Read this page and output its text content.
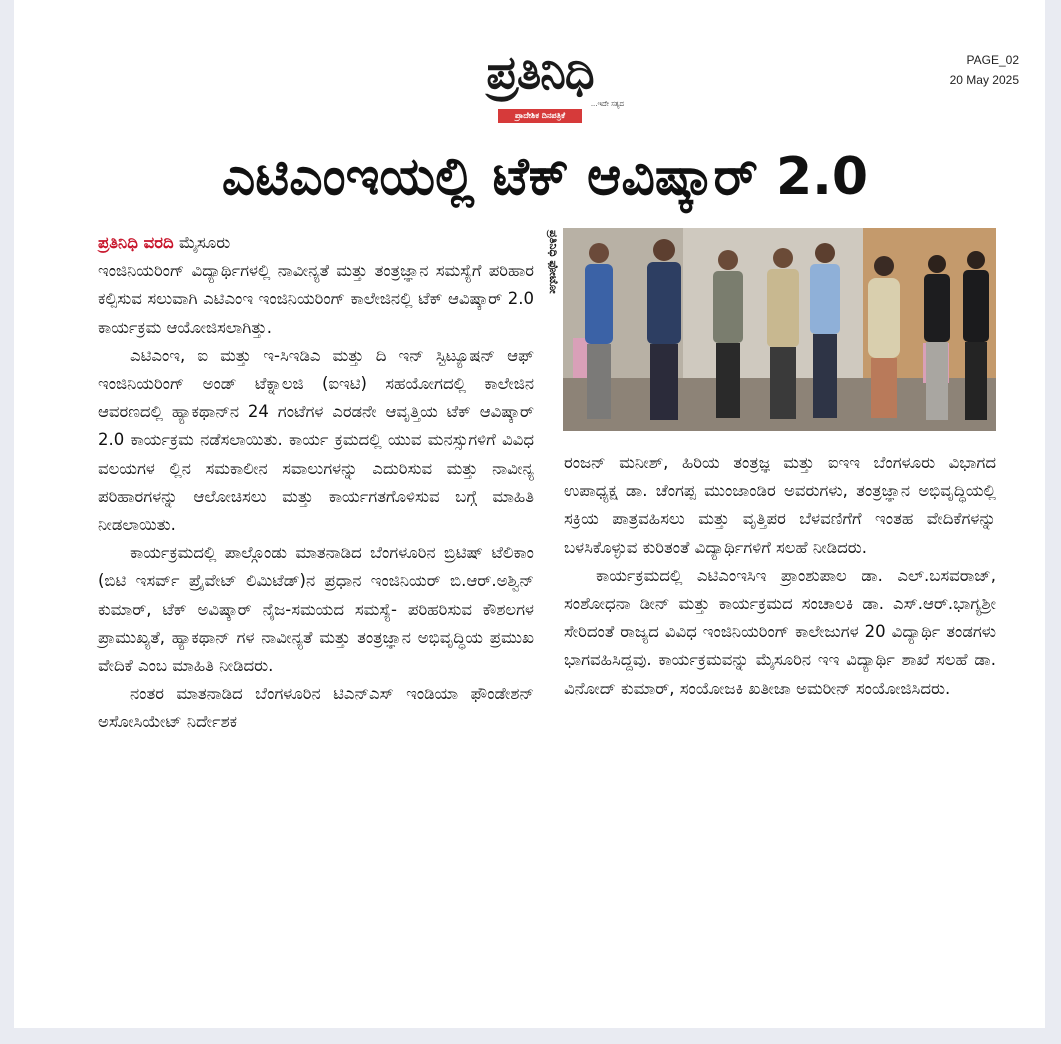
ಪ್ರತಿನಿಧಿ
...ಇದೇ ಸತ್ಯದ
ಪ್ರಾದೇಶಿಕ ದಿನಪತ್ರಿಕೆ
PAGE_02
20 May 2025
ಎಟಿಎಂಇಯಲ್ಲಿ ಟೆಕ್ ಆವಿಷ್ಕಾರ್ 2.0

ಪ್ರತಿನಿಧಿ ವರದಿ ಮೈಸೂರು

ಇಂಜಿನಿಯರಿಂಗ್ ವಿದ್ಯಾರ್ಥಿಗಳಲ್ಲಿ ನಾವೀನ್ಯತೆ ಮತ್ತು ತಂತ್ರಜ್ಞಾನ ಸಮಸ್ಯೆಗೆ ಪರಿಹಾರ ಕಲ್ಪಿಸುವ ಸಲುವಾಗಿ ಎಟಿಎಂಇ ಇಂಜಿನಿಯರಿಂಗ್ ಕಾಲೇಜಿನಲ್ಲಿ ಟೆಕ್ ಆವಿಷ್ಕಾರ್ 2.0 ಕಾರ್ಯಕ್ರಮ ಆಯೋಜಿಸಲಾಗಿತ್ತು.

ಎಟಿಎಂಇ, ಐ ಮತ್ತು ಇ-ಸಿಇಡಿಎ ಮತ್ತು ದಿ ಇನ್ ಸ್ಟಿಟ್ಯೂಷನ್ ಆಫ್ ಇಂಜಿನಿಯರಿಂಗ್ ಅಂಡ್ ಟೆಕ್ನಾಲಜಿ (ಐಇಟಿ) ಸಹಯೋಗದಲ್ಲಿ ಕಾಲೇಜಿನ ಆವರಣದಲ್ಲಿ ಹ್ಯಾಕಥಾನ್‌ನ 24 ಗಂಟೆಗಳ ಎರಡನೇ ಆವೃತ್ತಿಯ ಟೆಕ್ ಆವಿಷ್ಕಾರ್ 2.0 ಕಾರ್ಯಕ್ರಮ ನಡೆಸಲಾಯಿತು. ಕಾರ್ಯ ಕ್ರಮದಲ್ಲಿ ಯುವ ಮನಸ್ಸುಗಳಿಗೆ ವಿವಿಧ ವಲಯಗಳ ಲ್ಲಿನ ಸಮಕಾಲೀನ ಸವಾಲುಗಳನ್ನು ಎದುರಿಸುವ ಮತ್ತು ನಾವೀನ್ಯ ಪರಿಹಾರಗಳನ್ನು ಆಲೋಚಿಸಲು ಮತ್ತು ಕಾರ್ಯಗತಗೊಳಿಸುವ ಬಗ್ಗೆ ಮಾಹಿತಿ ನೀಡಲಾಯಿತು.

ಕಾರ್ಯಕ್ರಮದಲ್ಲಿ ಪಾಲ್ಗೊಂಡು ಮಾತನಾಡಿದ ಬೆಂಗಳೂರಿನ ಬ್ರಿಟಿಷ್ ಟೆಲಿಕಾಂ (ಬಿಟಿ ಇಸರ್ವ್ ಪ್ರೈವೇಟ್ ಲಿಮಿಟೆಡ್)ನ ಪ್ರಧಾನ ಇಂಜಿನಿಯರ್ ಬಿ.ಆರ್.ಅಶ್ವಿನ್ ಕುಮಾರ್, ಟೆಕ್ ಅವಿಷ್ಕಾರ್ ನೈಜ-ಸಮಯದ ಸಮಸ್ಯೆ- ಪರಿಹರಿಸುವ ಕೌಶಲಗಳ ಪ್ರಾಮುಖ್ಯತೆ, ಹ್ಯಾಕಥಾನ್ ಗಳ ನಾವೀನ್ಯತೆ ಮತ್ತು ತಂತ್ರಜ್ಞಾನ ಅಭಿವೃದ್ಧಿಯ ಪ್ರಮುಖ ವೇದಿಕೆ ಎಂಬ ಮಾಹಿತಿ ನೀಡಿದರು.

ನಂತರ ಮಾತನಾಡಿದ ಬೆಂಗಳೂರಿನ ಟಿಎನ್‌ಎಸ್ ಇಂಡಿಯಾ ಫೌಂಡೇಶನ್ ಅಸೋಸಿಯೇಟ್ ನಿರ್ದೇಶಕ

ಪ್ರತಿನಿಧಿ ಫೋಟೋ

ರಂಜನ್ ಮನೀಶ್, ಹಿರಿಯ ತಂತ್ರಜ್ಞ ಮತ್ತು ಐಇಇ ಬೆಂಗಳೂರು ವಿಭಾಗದ ಉಪಾಧ್ಯಕ್ಷ ಡಾ. ಚೆಂಗಪ್ಪ ಮುಂಜಾಂಡಿರ ಅವರುಗಳು, ತಂತ್ರಜ್ಞಾನ ಅಭಿವೃದ್ಧಿಯಲ್ಲಿ ಸಕ್ರಿಯ ಪಾತ್ರವಹಿಸಲು ಮತ್ತು ವೃತ್ತಿಪರ ಬೆಳವಣಿಗೆಗೆ ಇಂತಹ ವೇದಿಕೆಗಳನ್ನು ಬಳಸಿಕೊಳ್ಳುವ ಕುರಿತಂತೆ ವಿದ್ಯಾರ್ಥಿಗಳಿಗೆ ಸಲಹೆ ನೀಡಿದರು.

ಕಾರ್ಯಕ್ರಮದಲ್ಲಿ ಎಟಿಎಂಇಸಿಇ ಪ್ರಾಂಶುಪಾಲ ಡಾ. ಎಲ್.ಬಸವರಾಜ್, ಸಂಶೋಧನಾ ಡೀನ್ ಮತ್ತು ಕಾರ್ಯಕ್ರಮದ ಸಂಚಾಲಕಿ ಡಾ. ಎಸ್.ಆರ್.ಭಾಗ್ಯಶ್ರೀ ಸೇರಿದಂತೆ ರಾಜ್ಯದ ವಿವಿಧ ಇಂಜಿನಿಯರಿಂಗ್ ಕಾಲೇಜುಗಳ 20 ವಿದ್ಯಾರ್ಥಿ ತಂಡಗಳು ಭಾಗವಹಿಸಿದ್ದವು. ಕಾರ್ಯಕ್ರಮವನ್ನು ಮೈಸೂರಿನ ಇಇ ವಿದ್ಯಾರ್ಥಿ ಶಾಖೆ ಸಲಹೆ ಡಾ. ವಿನೋದ್ ಕುಮಾರ್, ಸಂಯೋಜಕಿ ಖತೀಜಾ ಅಮರೀನ್ ಸಂಯೋಜಿಸಿದರು.
